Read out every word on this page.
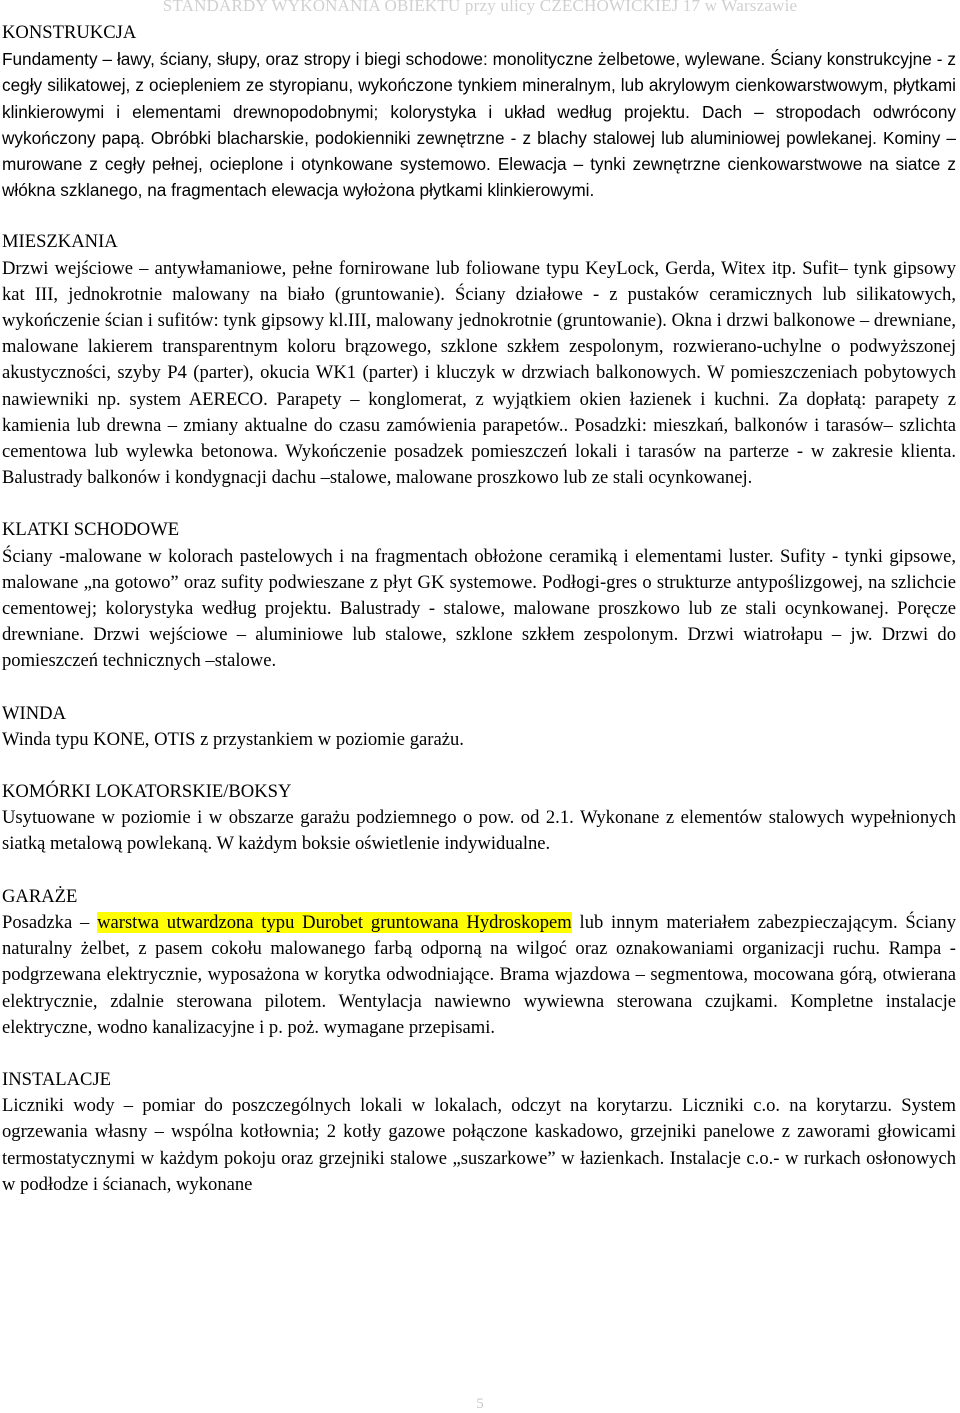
STANDARDY WYKONANIA OBIEKTU przy ulicy CZECHOWICKIEJ 17 w Warszawie
KONSTRUKCJA

Fundamenty – ławy, ściany, słupy, oraz stropy i biegi schodowe: monolityczne żelbetowe, wylewane. Ściany konstrukcyjne - z cegły silikatowej, z ociepleniem ze styropianu, wykończone tynkiem mineralnym, lub akrylowym cienkowarstwowym, płytkami klinkierowymi i elementami drewnopodobnymi; kolorystyka i układ według projektu. Dach – stropodach odwrócony wykończony papą. Obróbki blacharskie, podokienniki zewnętrzne - z blachy stalowej lub aluminiowej powlekanej. Kominy – murowane z cegły pełnej, ocieplone i otynkowane systemowo. Elewacja – tynki zewnętrzne cienkowarstwowe na siatce z włókna szklanego, na fragmentach elewacja wyłożona płytkami klinkierowymi.

MIESZKANIA

Drzwi wejściowe – antywłamaniowe, pełne fornirowane lub foliowane typu KeyLock, Gerda, Witex itp. Sufit– tynk gipsowy kat III, jednokrotnie malowany na biało (gruntowanie). Ściany działowe - z pustaków ceramicznych lub silikatowych, wykończenie ścian i sufitów: tynk gipsowy kl.III, malowany jednokrotnie (gruntowanie). Okna i drzwi balkonowe – drewniane, malowane lakierem transparentnym koloru brązowego, szklone szkłem zespolonym, rozwierano-uchylne o podwyższonej akustyczności, szyby P4 (parter), okucia WK1 (parter) i kluczyk w drzwiach balkonowych. W pomieszczeniach pobytowych nawiewniki np. system AERECO. Parapety – konglomerat, z wyjątkiem okien łazienek i kuchni. Za dopłatą: parapety z kamienia lub drewna – zmiany aktualne do czasu zamówienia parapetów.. Posadzki: mieszkań, balkonów i tarasów– szlichta cementowa lub wylewka betonowa. Wykończenie posadzek pomieszczeń lokali i tarasów na parterze - w zakresie klienta. Balustrady balkonów i kondygnacji dachu –stalowe, malowane proszkowo lub ze stali ocynkowanej.

KLATKI SCHODOWE

Ściany -malowane w kolorach pastelowych i na fragmentach obłożone ceramiką i elementami luster. Sufity - tynki gipsowe, malowane „na gotowo” oraz sufity podwieszane z płyt GK systemowe. Podłogi-gres o strukturze antypoślizgowej, na szlichcie cementowej; kolorystyka według projektu. Balustrady - stalowe, malowane proszkowo lub ze stali ocynkowanej. Poręcze drewniane. Drzwi wejściowe – aluminiowe lub stalowe, szklone szkłem zespolonym. Drzwi wiatrołapu – jw. Drzwi do pomieszczeń technicznych –stalowe.

WINDA

Winda typu KONE, OTIS z przystankiem w poziomie garażu.

KOMÓRKI LOKATORSKIE/BOKSY

Usytuowane w poziomie i w obszarze garażu podziemnego o pow. od 2.1. Wykonane z elementów stalowych wypełnionych siatką metalową powlekaną. W każdym boksie oświetlenie indywidualne.

GARAŻE

Posadzka – warstwa utwardzona typu Durobet gruntowana Hydroskopem lub innym materiałem zabezpieczającym. Ściany naturalny żelbet, z pasem cokołu malowanego farbą odporną na wilgoć oraz oznakowaniami organizacji ruchu. Rampa - podgrzewana elektrycznie, wyposażona w korytka odwodniające. Brama wjazdowa – segmentowa, mocowana górą, otwierana elektrycznie, zdalnie sterowana pilotem. Wentylacja nawiewno wywiewna sterowana czujkami. Kompletne instalacje elektryczne, wodno kanalizacyjne i p. poż. wymagane przepisami.

INSTALACJE

Liczniki wody – pomiar do poszczególnych lokali w lokalach, odczyt na korytarzu. Liczniki c.o. na korytarzu. System ogrzewania własny – wspólna kotłownia; 2 kotły gazowe połączone kaskadowo, grzejniki panelowe z zaworami głowicami termostatycznymi w każdym pokoju oraz grzejniki stalowe „suszarkowe” w łazienkach. Instalacje c.o.- w rurkach osłonowych w podłodze i ścianach, wykonane

5
